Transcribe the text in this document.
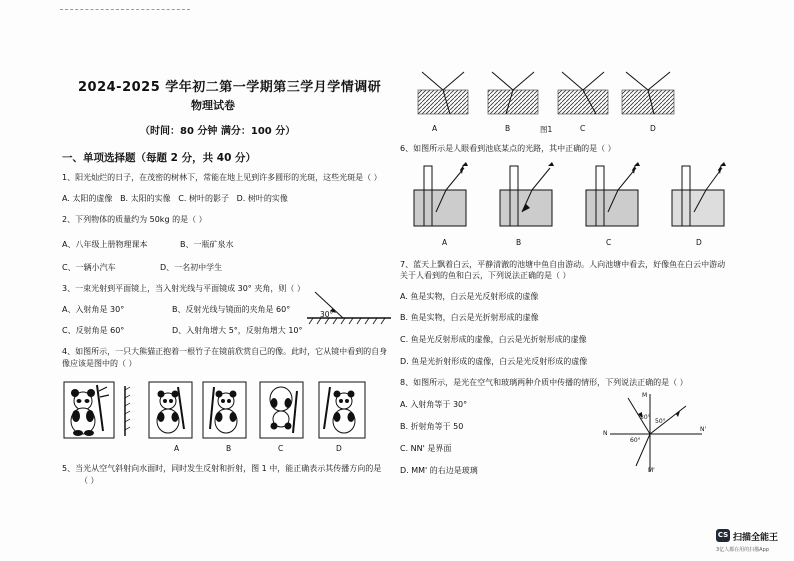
2024-2025 学年初二第一学期第三学月学情调研
物理试卷
（时间：80 分钟 满分：100 分）
一、单项选择题（每题 2 分，共 40 分）
1、阳光灿烂的日子，在茂密的树林下，常能在地上见到许多圆形的光斑，这些光斑是（ ）
A. 太阳的虚像 B. 太阳的实像 C. 树叶的影子 D. 树叶的实像
2、下列物体的质量约为 50kg 的是（ ）
A、八年级上册物理课本	B、一瓶矿泉水
C、一辆小汽车	D、一名初中学生
3、一束光射到平面镜上，当入射光线与平面镜成 30° 夹角，则（ ）
A、入射角是 30°	B、反射光线与镜面的夹角是 60°
C、反射角是 60°	D、入射角增大 5°，反射角增大 10°
30°
4、如图所示，一只大熊猫正抱着一根竹子在镜前欣赏自己的像。此时，它从镜中看到的自身
像应该是图中的（ ）
A	B	C	D
5、当光从空气斜射向水面时，同时发生反射和折射，图 1 中，能正确表示其传播方向的是
（ ）
A	B	图1	C	D
6、如图所示是人眼看到池底某点的光路，其中正确的是（ ）
A	B	C	D
7、蓝天上飘着白云，平静清澈的池塘中鱼自由游动。人向池塘中看去，好像鱼在白云中游动
关于人看到的鱼和白云，下列说法正确的是（ ）
A. 鱼是实物，白云是光反射形成的虚像
B. 鱼是实物，白云是光折射形成的虚像
C. 鱼是光反射形成的虚像，白云是光折射形成的虚像
D. 鱼是光折射形成的虚像，白云是光反射形成的虚像
8、如图所示，是光在空气和玻璃两种介质中传播的情形，下列说法正确的是（ ）
A. 入射角等于 30°
B. 折射角等于 50
C. NN' 是界面
D. MM' 的右边是玻璃
M
N
N'
M'
30°
50°
60°
CS 扫描全能王
3亿人都在用的扫描App
